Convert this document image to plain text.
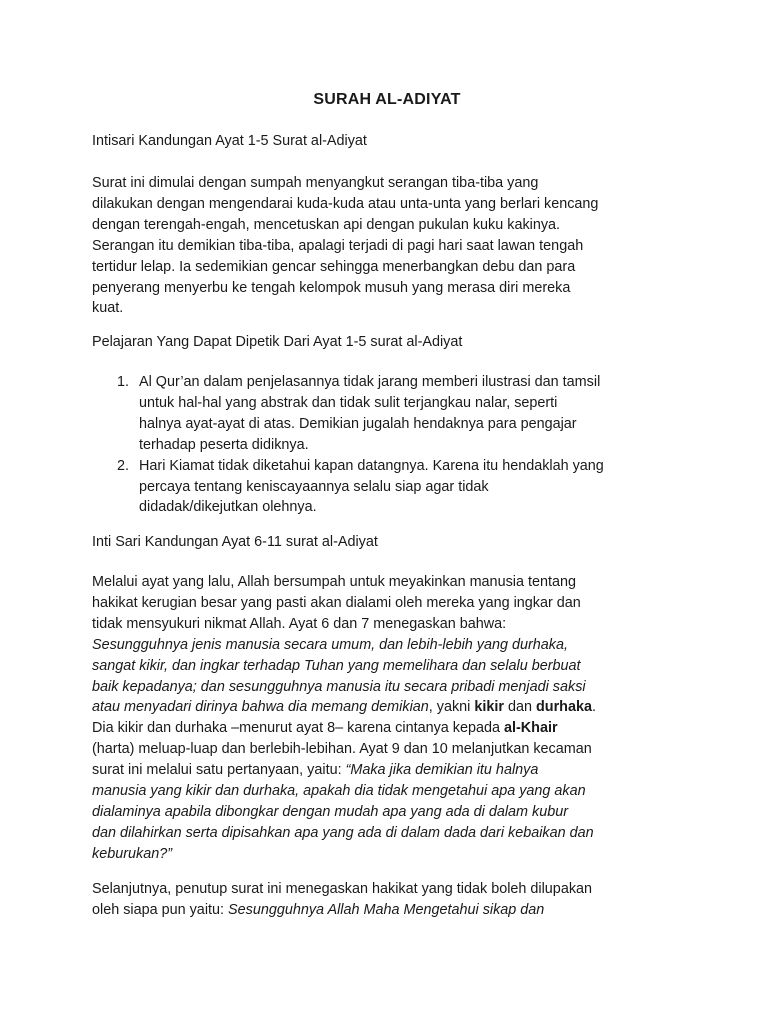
SURAH AL-ADIYAT
Intisari Kandungan Ayat 1-5 Surat al-Adiyat
Surat ini dimulai dengan sumpah menyangkut serangan tiba-tiba yang
dilakukan dengan mengendarai kuda-kuda atau unta-unta yang berlari kencang
dengan terengah-engah, mencetuskan api dengan pukulan kuku kakinya.
Serangan itu demikian tiba-tiba, apalagi terjadi di pagi hari saat lawan tengah
tertidur lelap. Ia sedemikian gencar sehingga menerbangkan debu dan para
penyerang menyerbu ke tengah kelompok musuh yang merasa diri mereka
kuat.
Pelajaran Yang Dapat Dipetik Dari Ayat 1-5 surat al-Adiyat
1. Al Qur’an dalam penjelasannya tidak jarang memberi ilustrasi dan tamsil
untuk hal-hal yang abstrak dan tidak sulit terjangkau nalar, seperti
halnya ayat-ayat di atas. Demikian jugalah hendaknya para pengajar
terhadap peserta didiknya.
2. Hari Kiamat tidak diketahui kapan datangnya. Karena itu hendaklah yang
percaya tentang keniscayaannya selalu siap agar tidak
didadak/dikejutkan olehnya.
Inti Sari Kandungan Ayat 6-11 surat al-Adiyat
Melalui ayat yang lalu, Allah bersumpah untuk meyakinkan manusia tentang
hakikat kerugian besar yang pasti akan dialami oleh mereka yang ingkar dan
tidak mensyukuri nikmat Allah. Ayat 6 dan 7 menegaskan bahwa:
Sesungguhnya jenis manusia secara umum, dan lebih-lebih yang durhaka,
sangat kikir, dan ingkar terhadap Tuhan yang memelihara dan selalu berbuat
baik kepadanya; dan sesungguhnya manusia itu secara pribadi menjadi saksi
atau menyadari dirinya bahwa dia memang demikian, yakni kikir dan durhaka.
Dia kikir dan durhaka –menurut ayat 8– karena cintanya kepada al-Khair
(harta) meluap-luap dan berlebih-lebihan. Ayat 9 dan 10 melanjutkan kecaman
surat ini melalui satu pertanyaan, yaitu: “Maka jika demikian itu halnya
manusia yang kikir dan durhaka, apakah dia tidak mengetahui apa yang akan
dialaminya apabila dibongkar dengan mudah apa yang ada di dalam kubur
dan dilahirkan serta dipisahkan apa yang ada di dalam dada dari kebaikan dan
keburukan?”
Selanjutnya, penutup surat ini menegaskan hakikat yang tidak boleh dilupakan
oleh siapa pun yaitu: Sesungguhnya Allah Maha Mengetahui sikap dan
